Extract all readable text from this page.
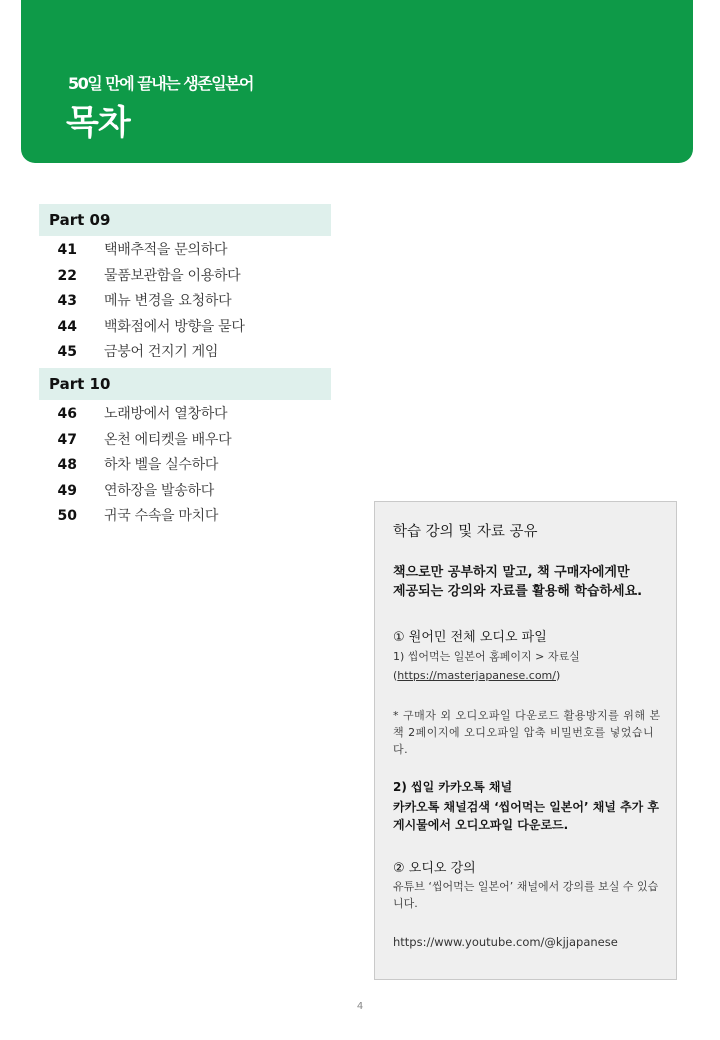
50일 만에 끝내는 생존일본어
목차
Part 09
41 택배추적을 문의하다
22 물품보관함을 이용하다
43 메뉴 변경을 요청하다
44 백화점에서 방향을 묻다
45 금붕어 건지기 게임
Part 10
46 노래방에서 열창하다
47 온천 에티켓을 배우다
48 하차 벨을 실수하다
49 연하장을 발송하다
50 귀국 수속을 마치다
학습 강의 및 자료 공유
책으로만 공부하지 말고, 책 구매자에게만
제공되는 강의와 자료를 활용해 학습하세요.
① 원어민 전체 오디오 파일
1) 씹어먹는 일본어 홈페이지 > 자료실
(https://masterjapanese.com/)
* 구매자 외 오디오파일 다운로드 활용방지를 위해 본 책 2페이지에 오디오파일 압축 비밀번호를 넣었습니다.
2) 씹일 카카오톡 채널
카카오톡 채널검색 ‘씹어먹는 일본어’ 채널 추가 후 게시물에서 오디오파일 다운로드.
② 오디오 강의
유튜브 ‘씹어먹는 일본어’ 채널에서 강의를 보실 수 있습니다.
https://www.youtube.com/@kjjapanese
4
